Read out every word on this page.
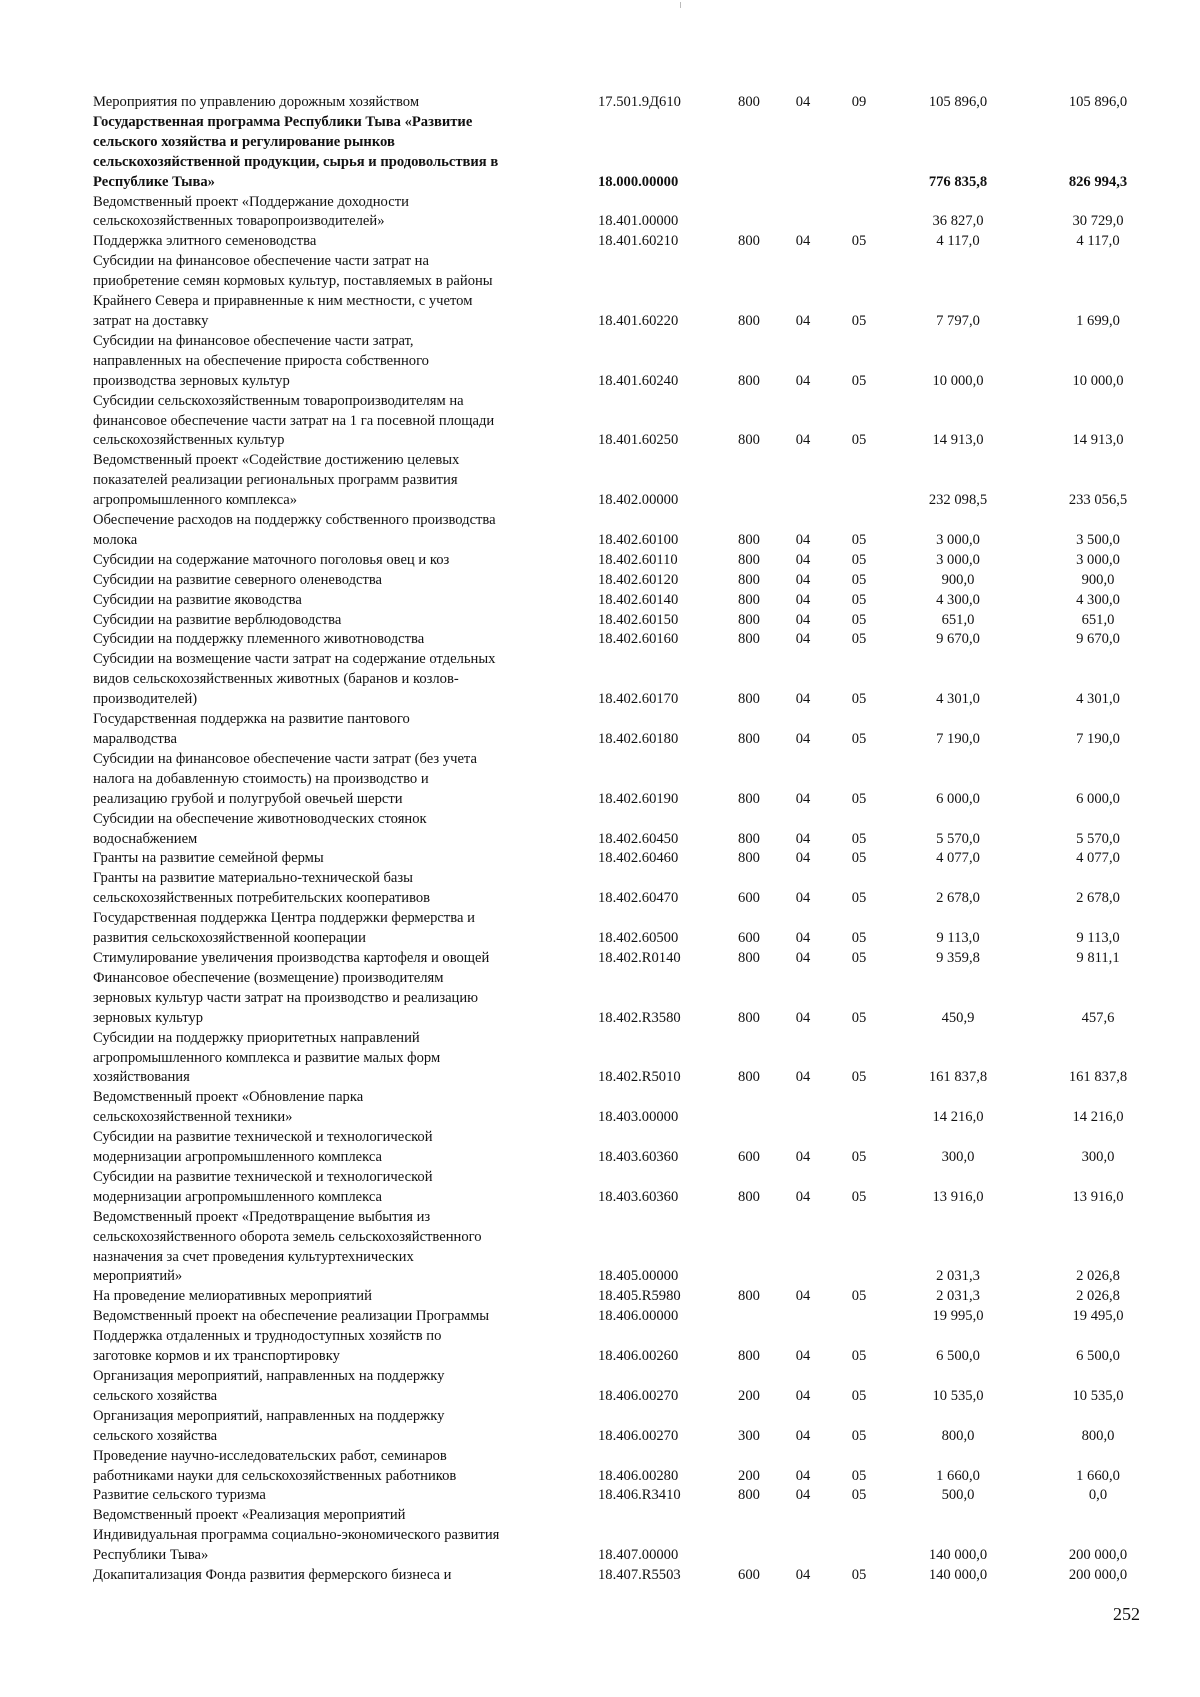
Мероприятия по управлению дорожным хозяйством	17.501.9Д610	800	04	09	105 896,0	105 896,0
Государственная программа Республики Тыва «Развитие
сельского хозяйства и регулирование рынков
сельскохозяйственной продукции, сырья и продовольствия в
Республике Тыва»	18.000.00000	776 835,8	826 994,3
Ведомственный проект «Поддержание доходности
сельскохозяйственных товаропроизводителей»	18.401.00000	36 827,0	30 729,0
Поддержка элитного семеноводства	18.401.60210	800	04	05	4 117,0	4 117,0
Субсидии на финансовое обеспечение части затрат на
приобретение семян кормовых культур, поставляемых в районы
Крайнего Севера и приравненные к ним местности, с учетом
затрат на доставку	18.401.60220	800	04	05	7 797,0	1 699,0
Субсидии на финансовое обеспечение части затрат,
направленных на обеспечение прироста собственного
производства зерновых культур	18.401.60240	800	04	05	10 000,0	10 000,0
Субсидии сельскохозяйственным товаропроизводителям на
финансовое обеспечение части затрат на 1 га посевной площади
сельскохозяйственных культур	18.401.60250	800	04	05	14 913,0	14 913,0
Ведомственный проект «Содействие достижению целевых
показателей реализации региональных программ развития
агропромышленного комплекса»	18.402.00000	232 098,5	233 056,5
Обеспечение расходов на поддержку собственного производства
молока	18.402.60100	800	04	05	3 000,0	3 500,0
Субсидии на содержание маточного поголовья овец и коз	18.402.60110	800	04	05	3 000,0	3 000,0
Субсидии на развитие северного оленеводства	18.402.60120	800	04	05	900,0	900,0
Субсидии на развитие яководства	18.402.60140	800	04	05	4 300,0	4 300,0
Субсидии на развитие верблюдоводства	18.402.60150	800	04	05	651,0	651,0
Субсидии на поддержку племенного животноводства	18.402.60160	800	04	05	9 670,0	9 670,0
Субсидии на возмещение части затрат на содержание отдельных
видов сельскохозяйственных животных (баранов и козлов-
производителей)	18.402.60170	800	04	05	4 301,0	4 301,0
Государственная поддержка на развитие пантового
маралводства	18.402.60180	800	04	05	7 190,0	7 190,0
Субсидии на финансовое обеспечение части затрат (без учета
налога на добавленную стоимость) на производство и
реализацию грубой и полугрубой овечьей шерсти	18.402.60190	800	04	05	6 000,0	6 000,0
Субсидии на обеспечение животноводческих стоянок
водоснабжением	18.402.60450	800	04	05	5 570,0	5 570,0
Гранты на развитие семейной фермы	18.402.60460	800	04	05	4 077,0	4 077,0
Гранты на развитие материально-технической базы
сельскохозяйственных потребительских кооперативов	18.402.60470	600	04	05	2 678,0	2 678,0
Государственная поддержка Центра поддержки фермерства и
развития сельскохозяйственной кооперации	18.402.60500	600	04	05	9 113,0	9 113,0
Стимулирование увеличения производства картофеля и овощей	18.402.R0140	800	04	05	9 359,8	9 811,1
Финансовое обеспечение (возмещение) производителям
зерновых культур части затрат на производство и реализацию
зерновых культур	18.402.R3580	800	04	05	450,9	457,6
Субсидии на поддержку приоритетных направлений
агропромышленного комплекса и развитие малых форм
хозяйствования	18.402.R5010	800	04	05	161 837,8	161 837,8
Ведомственный проект «Обновление парка
сельскохозяйственной техники»	18.403.00000	14 216,0	14 216,0
Субсидии на развитие технической и технологической
модернизации агропромышленного комплекса	18.403.60360	600	04	05	300,0	300,0
Субсидии на развитие технической и технологической
модернизации агропромышленного комплекса	18.403.60360	800	04	05	13 916,0	13 916,0
Ведомственный проект «Предотвращение выбытия из
сельскохозяйственного оборота земель сельскохозяйственного
назначения за счет проведения культуртехнических
мероприятий»	18.405.00000	2 031,3	2 026,8
На проведение мелиоративных мероприятий	18.405.R5980	800	04	05	2 031,3	2 026,8
Ведомственный проект на обеспечение реализации Программы	18.406.00000	19 995,0	19 495,0
Поддержка отдаленных и труднодоступных хозяйств по
заготовке кормов и их транспортировку	18.406.00260	800	04	05	6 500,0	6 500,0
Организация мероприятий, направленных на поддержку
сельского хозяйства	18.406.00270	200	04	05	10 535,0	10 535,0
Организация мероприятий, направленных на поддержку
сельского хозяйства	18.406.00270	300	04	05	800,0	800,0
Проведение научно-исследовательских работ, семинаров
работниками науки для сельскохозяйственных работников	18.406.00280	200	04	05	1 660,0	1 660,0
Развитие сельского туризма	18.406.R3410	800	04	05	500,0	0,0
Ведомственный проект «Реализация мероприятий
Индивидуальная программа социально-экономического развития
Республики Тыва»	18.407.00000	140 000,0	200 000,0
Докапитализация Фонда развития фермерского бизнеса и	18.407.R5503	600	04	05	140 000,0	200 000,0
252
